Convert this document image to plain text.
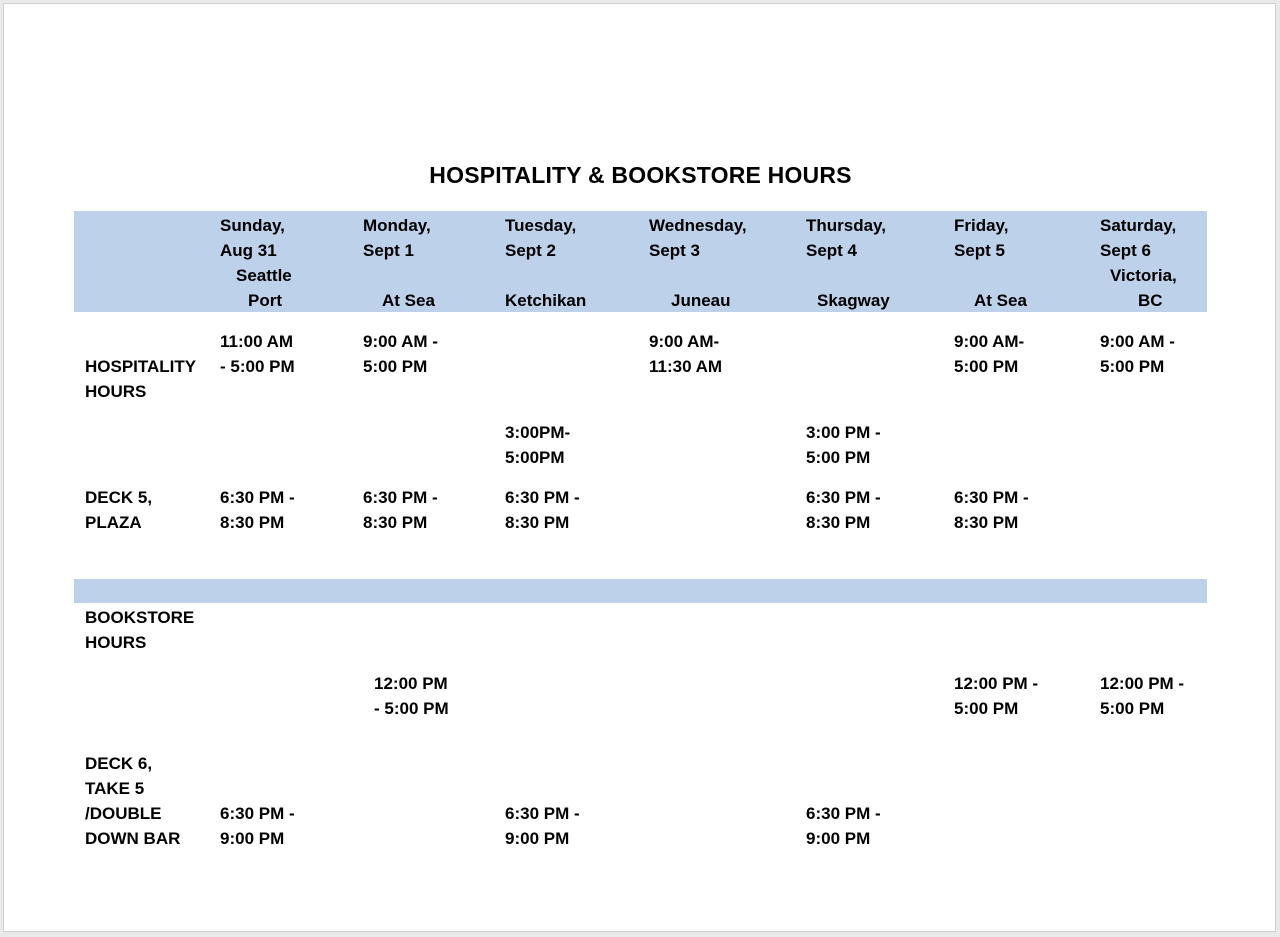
HOSPITALITY & BOOKSTORE HOURS
Sunday,
Aug 31
Seattle
Port
Monday,
Sept 1
At Sea
Tuesday,
Sept 2
Ketchikan
Wednesday,
Sept 3
Juneau
Thursday,
Sept 4
Skagway
Friday,
Sept 5
At Sea
Saturday,
Sept 6
Victoria,
BC
HOSPITALITY
HOURS
11:00 AM
- 5:00 PM
9:00 AM -
5:00 PM
9:00 AM-
11:30 AM
9:00 AM-
5:00 PM
9:00 AM -
5:00 PM
3:00PM-
5:00PM
3:00 PM -
5:00 PM
DECK 5,
PLAZA
6:30 PM -
8:30 PM
6:30 PM -
8:30 PM
6:30 PM -
8:30 PM
6:30 PM -
8:30 PM
6:30 PM -
8:30 PM
BOOKSTORE
HOURS
12:00 PM
- 5:00 PM
12:00 PM -
5:00 PM
12:00 PM -
5:00 PM
DECK 6,
TAKE 5
/DOUBLE
DOWN BAR
6:30 PM -
9:00 PM
6:30 PM -
9:00 PM
6:30 PM -
9:00 PM
